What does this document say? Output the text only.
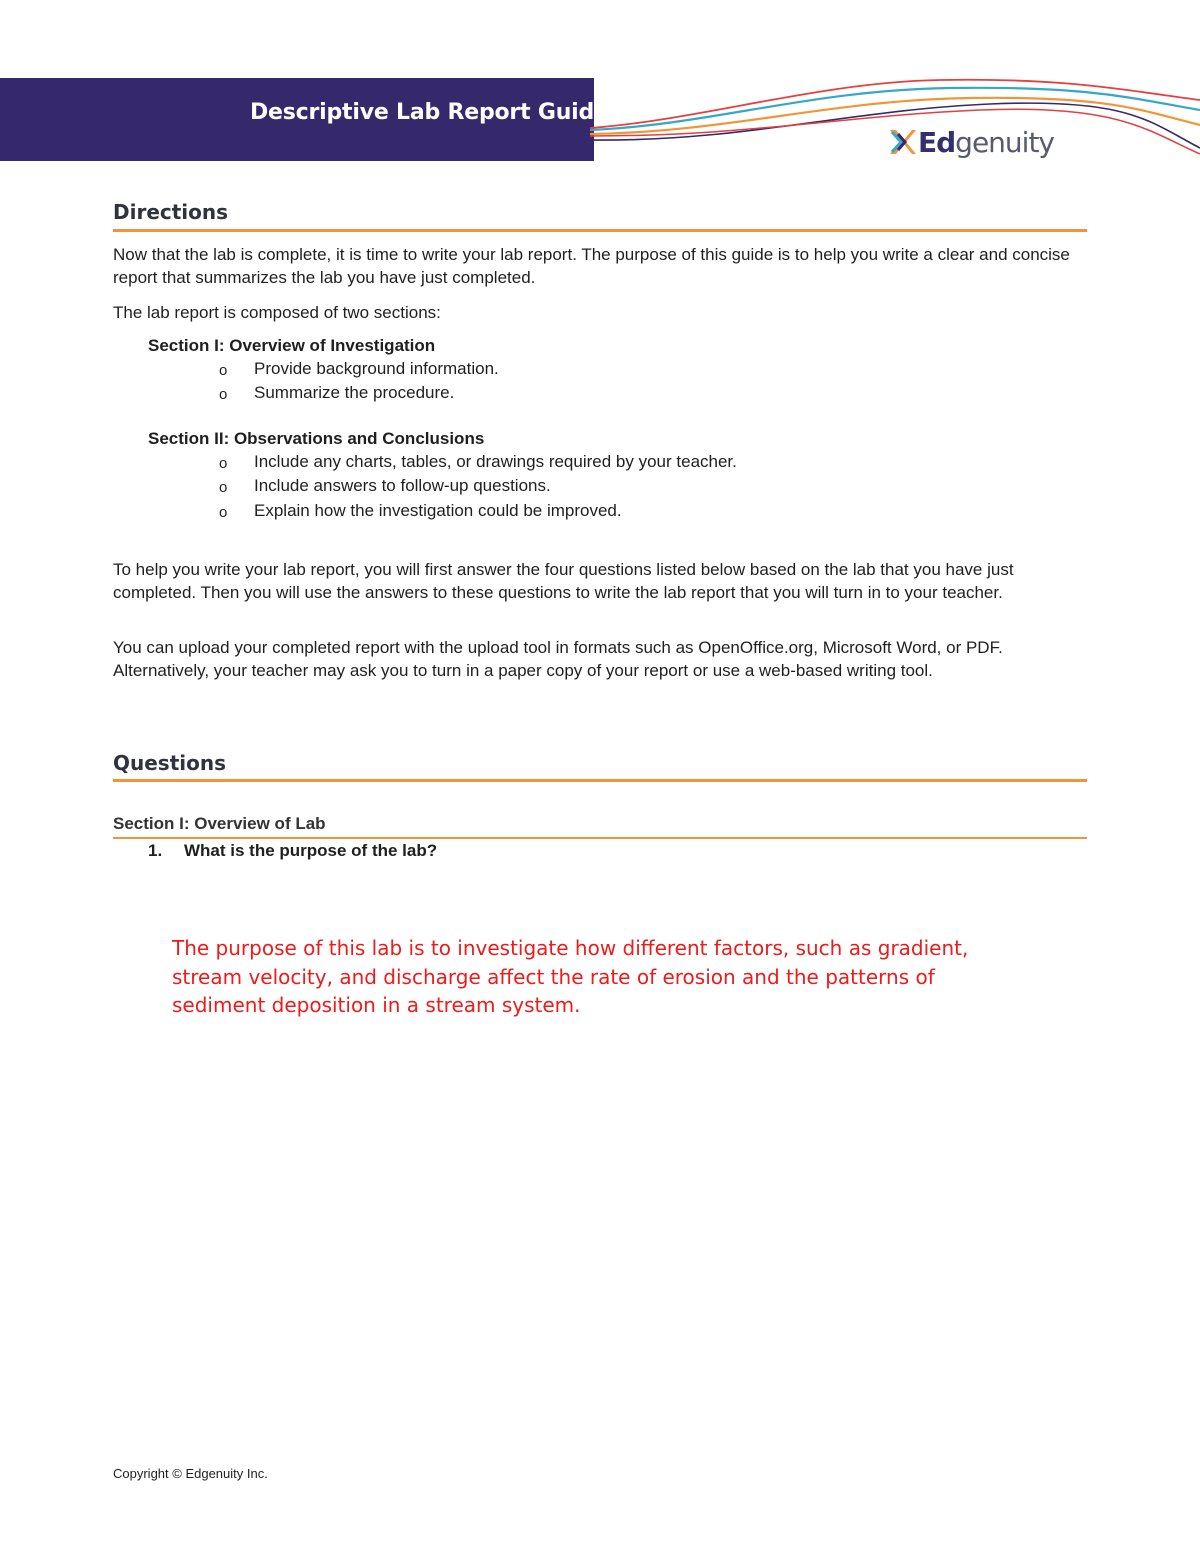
Descriptive Lab Report Guide
Edgenuity
Directions
Now that the lab is complete, it is time to write your lab report. The purpose of this guide is to help you write a clear and concise report that summarizes the lab you have just completed.
The lab report is composed of two sections:
Section I: Overview of Investigation
o Provide background information.
o Summarize the procedure.
Section II: Observations and Conclusions
o Include any charts, tables, or drawings required by your teacher.
o Include answers to follow-up questions.
o Explain how the investigation could be improved.
To help you write your lab report, you will first answer the four questions listed below based on the lab that you have just completed. Then you will use the answers to these questions to write the lab report that you will turn in to your teacher.
You can upload your completed report with the upload tool in formats such as OpenOffice.org, Microsoft Word, or PDF. Alternatively, your teacher may ask you to turn in a paper copy of your report or use a web-based writing tool.
Questions
Section I: Overview of Lab
1. What is the purpose of the lab?
The purpose of this lab is to investigate how different factors, such as gradient, stream velocity, and discharge affect the rate of erosion and the patterns of sediment deposition in a stream system.
Copyright © Edgenuity Inc.
